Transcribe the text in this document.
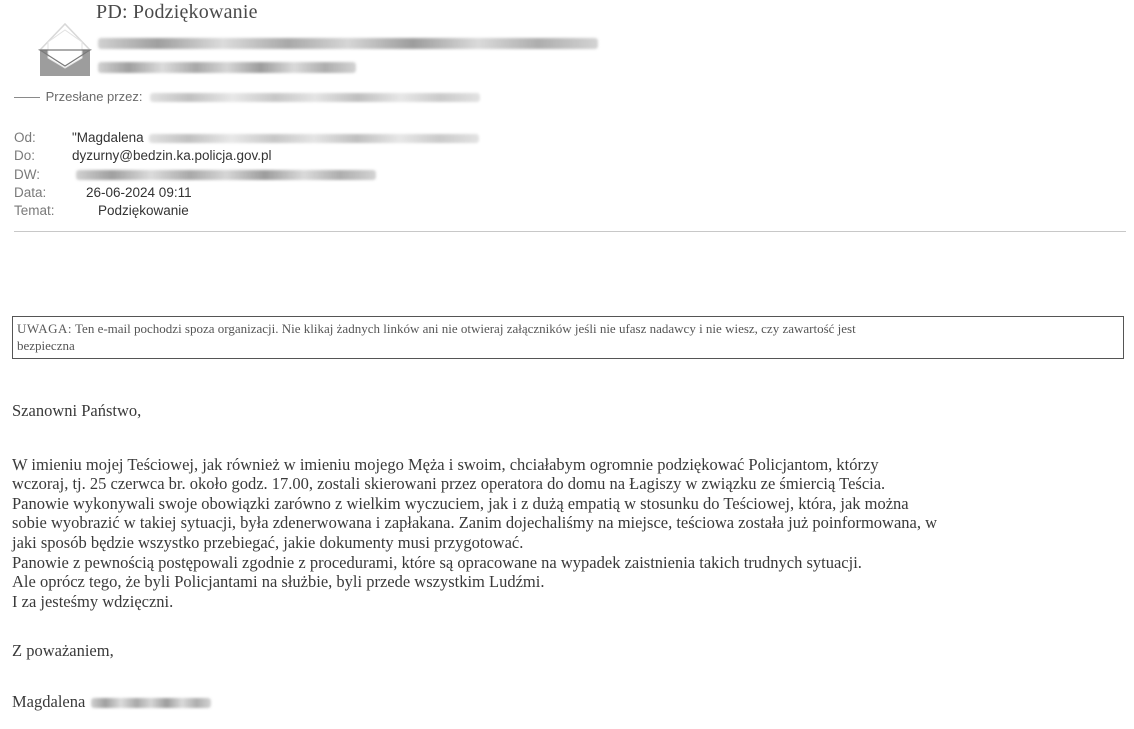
PD: Podziękowanie
Przesłane przez:
Od:	"Magdalena
Do:	dyzurny@bedzin.ka.policja.gov.pl
DW:
Data:	26-06-2024 09:11
Temat:	Podziękowanie
UWAGA: Ten e-mail pochodzi spoza organizacji. Nie klikaj żadnych linków ani nie otwieraj załączników jeśli nie ufasz nadawcy i nie wiesz, czy zawartość jest
bezpieczna
Szanowni Państwo,
W imieniu mojej Teściowej, jak również w imieniu mojego Męża i swoim, chciałabym ogromnie podziękować Policjantom, którzy
wczoraj, tj. 25 czerwca br. około godz. 17.00, zostali skierowani przez operatora do domu na Łagiszy w związku ze śmiercią Teścia.
Panowie wykonywali swoje obowiązki zarówno z wielkim wyczuciem, jak i z dużą empatią w stosunku do Teściowej, która, jak można
sobie wyobrazić w takiej sytuacji, była zdenerwowana i zapłakana. Zanim dojechaliśmy na miejsce, teściowa została już poinformowana, w
jaki sposób będzie wszystko przebiegać, jakie dokumenty musi przygotować.
Panowie z pewnością postępowali zgodnie z procedurami, które są opracowane na wypadek zaistnienia takich trudnych sytuacji.
Ale oprócz tego, że byli Policjantami na służbie, byli przede wszystkim Ludźmi.
I za jesteśmy wdzięczni.
Z poważaniem,
Magdalena
